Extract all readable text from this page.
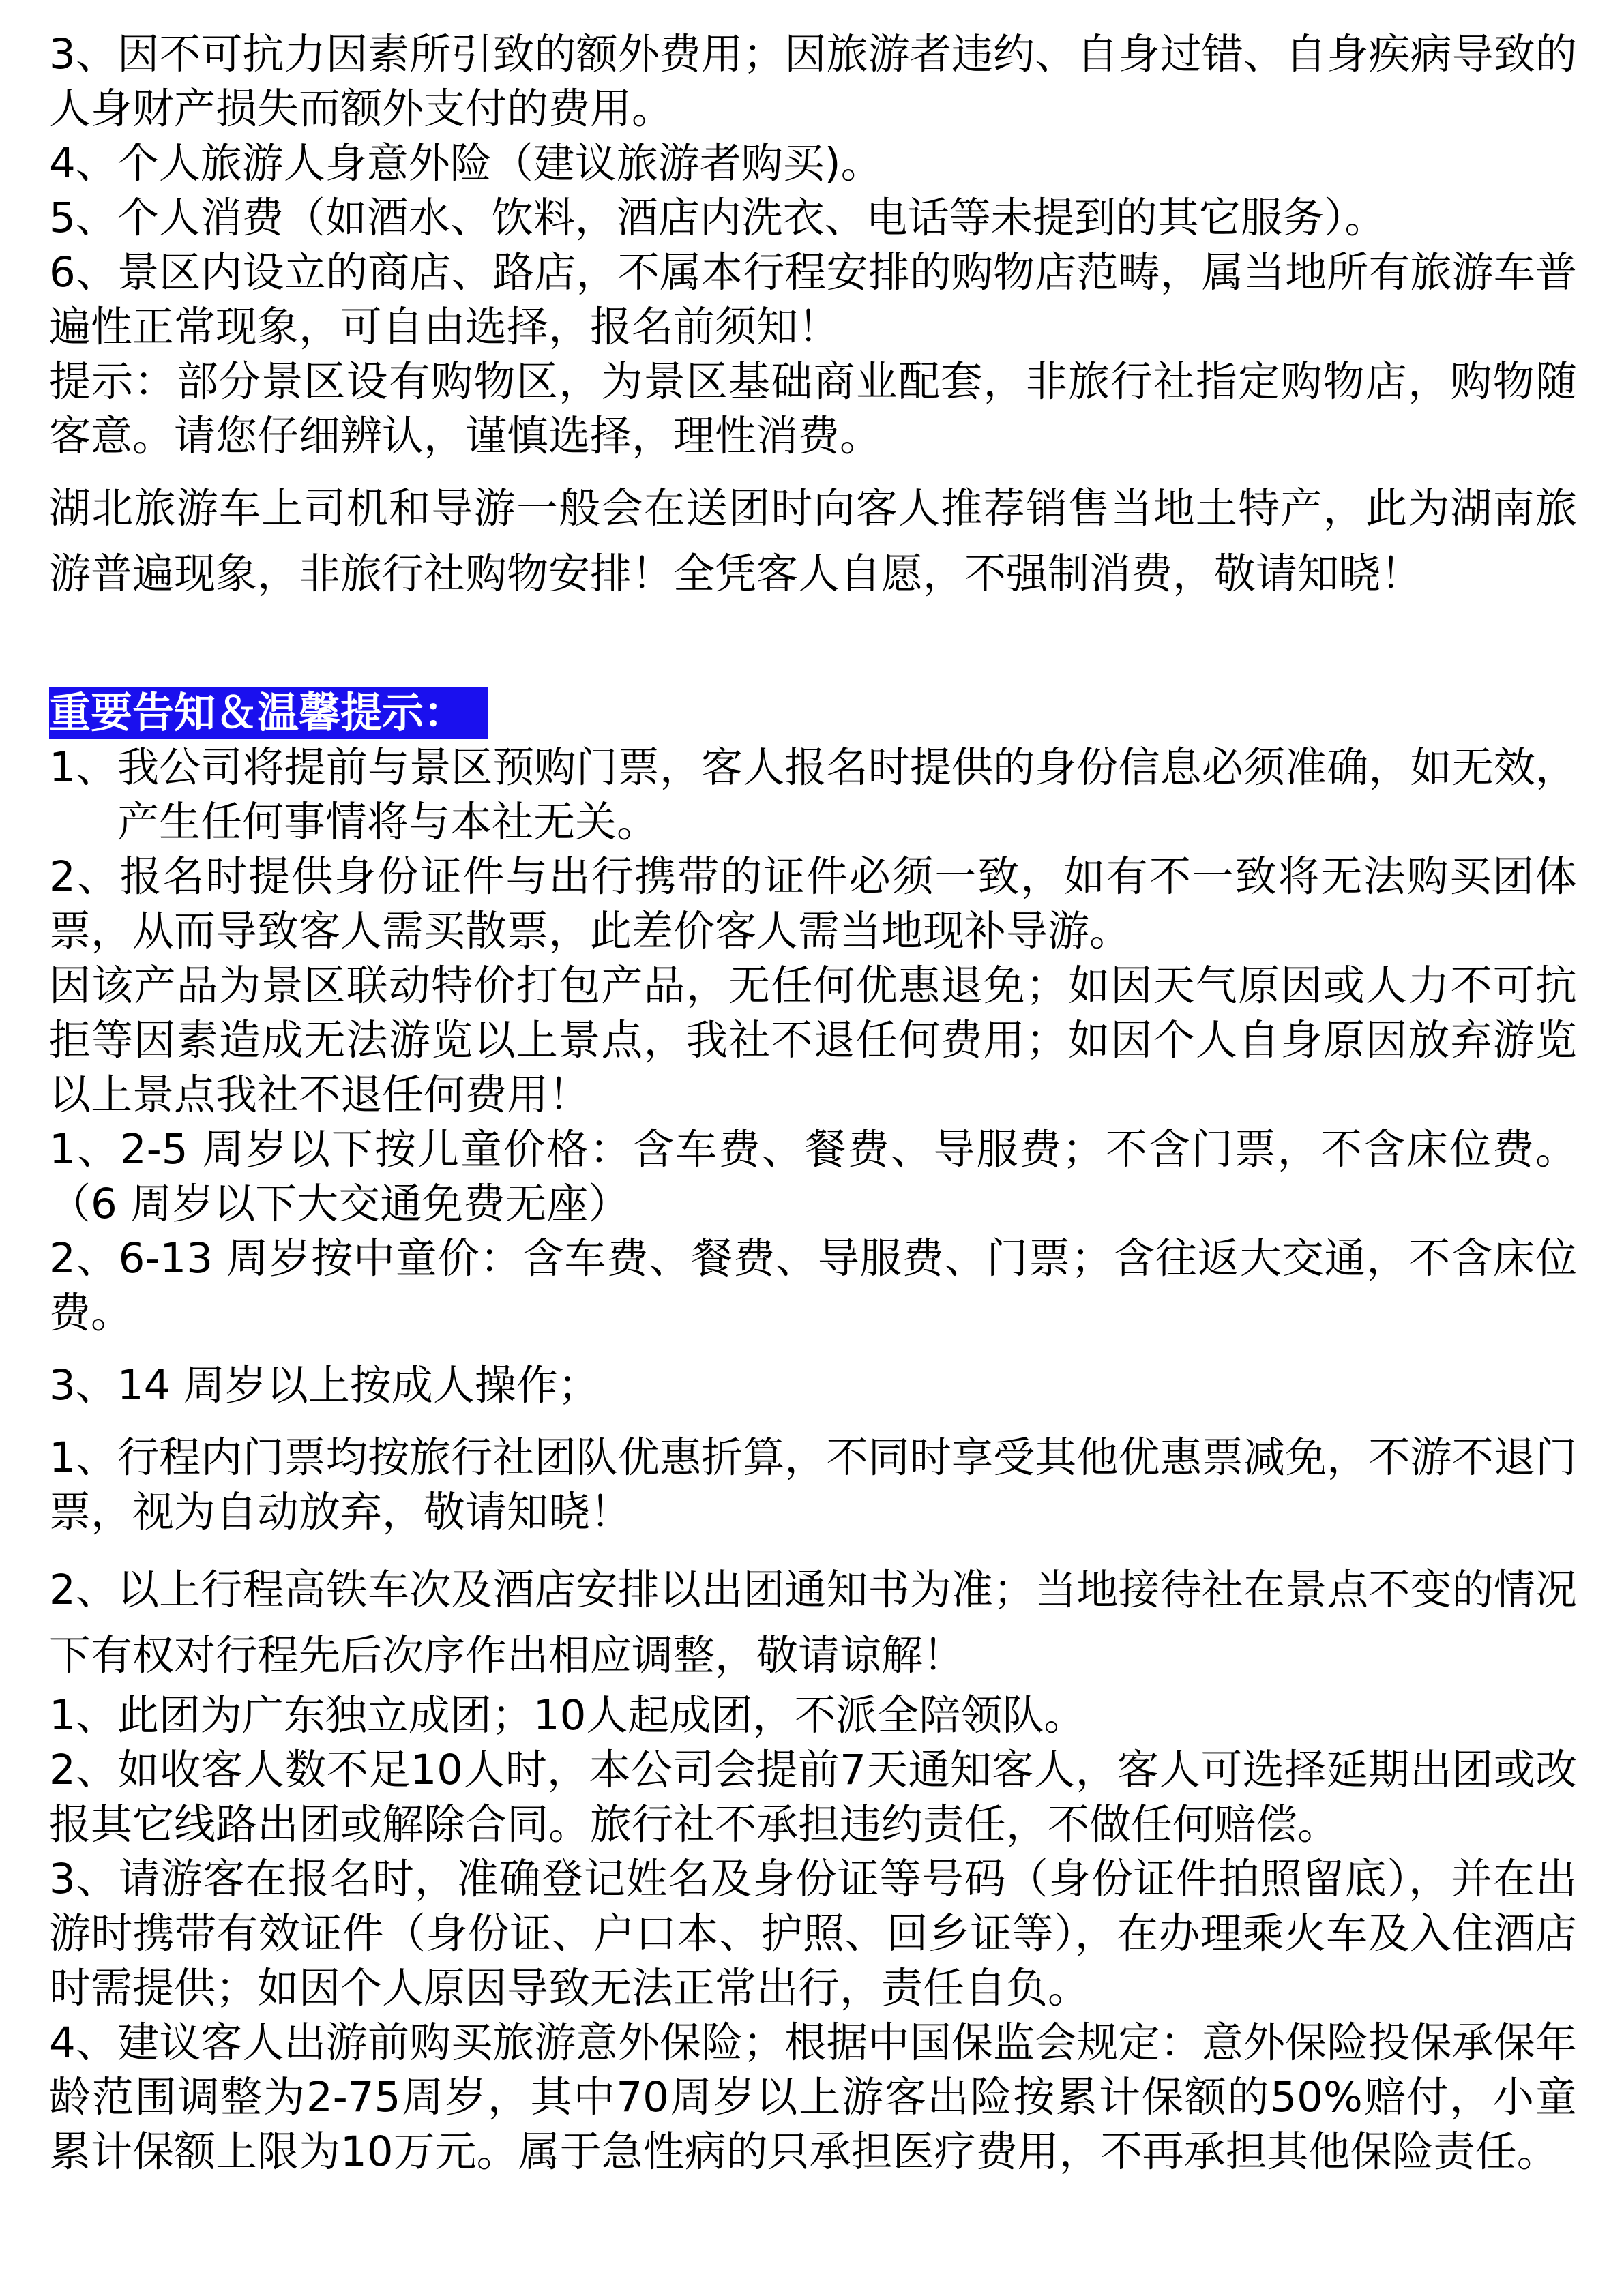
3、因不可抗力因素所引致的额外费用；因旅游者违约、自身过错、自身疾病导致的人身财产损失而额外支付的费用。

4、个人旅游人身意外险（建议旅游者购买)。

5、个人消费（如酒水、饮料，酒店内洗衣、电话等未提到的其它服务）。

6、景区内设立的商店、路店，不属本行程安排的购物店范畴，属当地所有旅游车普遍性正常现象，可自由选择，报名前须知！

提示：部分景区设有购物区，为景区基础商业配套，非旅行社指定购物店，购物随客意。请您仔细辨认，谨慎选择，理性消费。

湖北旅游车上司机和导游一般会在送团时向客人推荐销售当地土特产，此为湖南旅游普遍现象，非旅行社购物安排！全凭客人自愿，不强制消费，敬请知晓！

重要告知＆温馨提示：

1、我公司将提前与景区预购门票，客人报名时提供的身份信息必须准确，如无效，产生任何事情将与本社无关。

2、报名时提供身份证件与出行携带的证件必须一致，如有不一致将无法购买团体票，从而导致客人需买散票，此差价客人需当地现补导游。

因该产品为景区联动特价打包产品，无任何优惠退免；如因天气原因或人力不可抗拒等因素造成无法游览以上景点，我社不退任何费用；如因个人自身原因放弃游览以上景点我社不退任何费用！

1、2-5 周岁以下按儿童价格：含车费、餐费、导服费；不含门票，不含床位费。（6 周岁以下大交通免费无座）

2、6-13 周岁按中童价：含车费、餐费、导服费、门票；含往返大交通，不含床位费。

3、14 周岁以上按成人操作；

1、行程内门票均按旅行社团队优惠折算，不同时享受其他优惠票减免，不游不退门票，视为自动放弃，敬请知晓！

2、以上行程高铁车次及酒店安排以出团通知书为准；当地接待社在景点不变的情况下有权对行程先后次序作出相应调整，敬请谅解！

1、此团为广东独立成团；10人起成团，不派全陪领队。

2、如收客人数不足10人时，本公司会提前7天通知客人，客人可选择延期出团或改报其它线路出团或解除合同。旅行社不承担违约责任，不做任何赔偿。

3、请游客在报名时，准确登记姓名及身份证等号码（身份证件拍照留底），并在出游时携带有效证件（身份证、户口本、护照、回乡证等），在办理乘火车及入住酒店时需提供；如因个人原因导致无法正常出行，责任自负。

4、建议客人出游前购买旅游意外保险；根据中国保监会规定：意外保险投保承保年龄范围调整为2-75周岁，其中70周岁以上游客出险按累计保额的50%赔付，小童累计保额上限为10万元。属于急性病的只承担医疗费用，不再承担其他保险责任。
